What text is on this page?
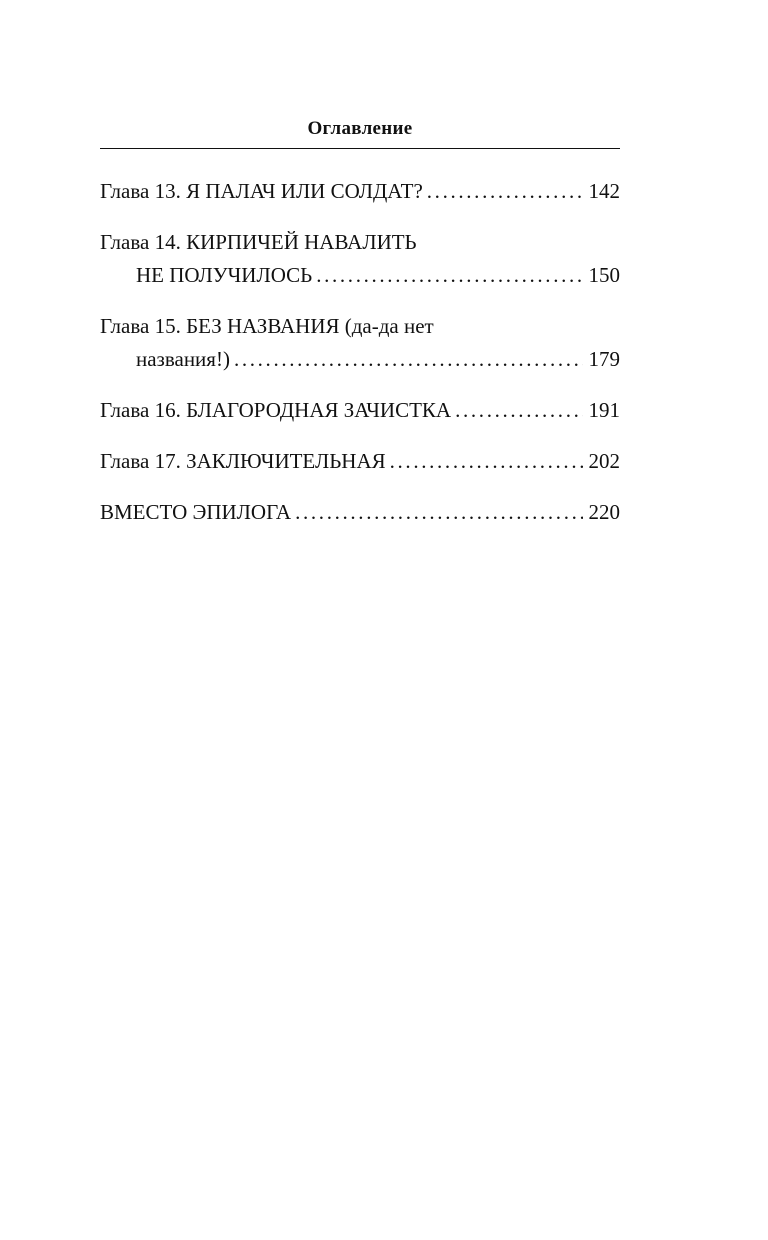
Оглавление
Глава 13. Я ПАЛАЧ ИЛИ СОЛДАТ? . . .	142
Глава 14. КИРПИЧЕЙ НАВАЛИТЬ
НЕ ПОЛУЧИЛОСЬ . . .	150
Глава 15. БЕЗ НАЗВАНИЯ (да-да нет
названия!) . . .	179
Глава 16. БЛАГОРОДНАЯ ЗАЧИСТКА . . .	191
Глава 17. ЗАКЛЮЧИТЕЛЬНАЯ . . .	202
ВМЕСТО ЭПИЛОГА . . .	220
